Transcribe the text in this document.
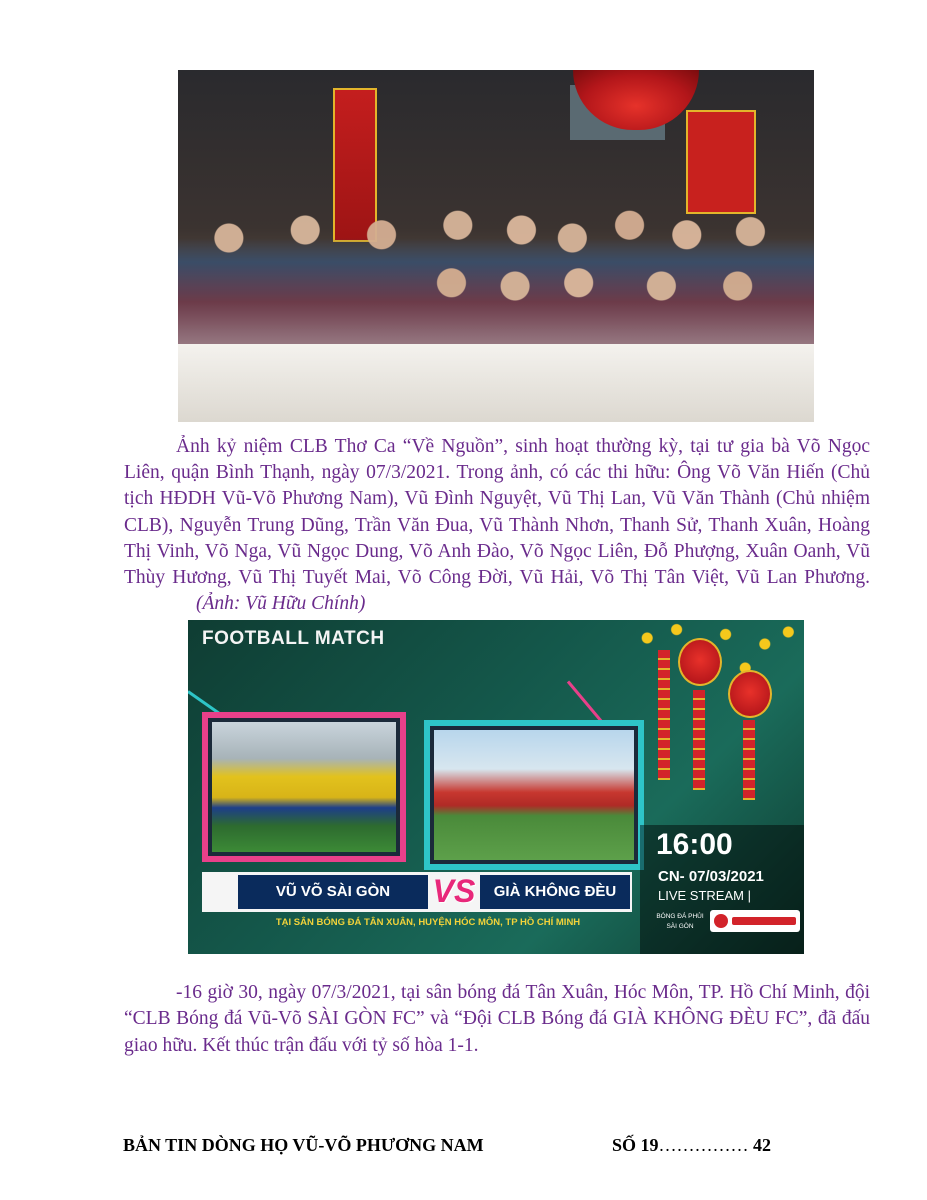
Ảnh kỷ niệm CLB Thơ Ca “Về Nguồn”, sinh hoạt thường kỳ, tại tư gia bà Võ Ngọc Liên, quận Bình Thạnh, ngày 07/3/2021. Trong ảnh, có các thi hữu: Ông Võ Văn Hiến (Chủ tịch HĐDH Vũ-Võ Phương Nam), Vũ Đình Nguyệt, Vũ Thị Lan, Vũ Văn Thành (Chủ nhiệm CLB), Nguyễn Trung Dũng, Trần Văn Đua, Vũ Thành Nhơn, Thanh Sử, Thanh Xuân, Hoàng Thị Vinh, Võ Nga, Vũ Ngọc Dung, Võ Anh Đào, Võ Ngọc Liên, Đỗ Phượng, Xuân Oanh, Vũ Thùy Hương, Vũ Thị Tuyết Mai, Võ Công Đời, Vũ Hải, Võ Thị Tân Việt, Vũ Lan Phương.(Ảnh: Vũ Hữu Chính)
FOOTBALL MATCH
VŨ VÕ SÀI GÒN	VS	GIÀ KHÔNG ĐÈU
TẠI SÂN BÓNG ĐÁ TÂN XUÂN, HUYỆN HÓC MÔN, TP HỒ CHÍ MINH
16:00
CN- 07/03/2021
LIVE STREAM |
BÓNG ĐÁ PHỦI SÀI GÒN
-16 giờ 30, ngày 07/3/2021, tại sân bóng đá Tân Xuân, Hóc Môn, TP. Hồ Chí Minh, đội “CLB Bóng đá Vũ-Võ SÀI GÒN FC” và “Đội CLB Bóng đá GIÀ KHÔNG ĐÈU FC”, đã đấu giao hữu. Kết thúc trận đấu với tỷ số hòa 1-1.
BẢN TIN DÒNG HỌ VŨ-VÕ PHƯƠNG NAM	SỐ 19…………… 42
